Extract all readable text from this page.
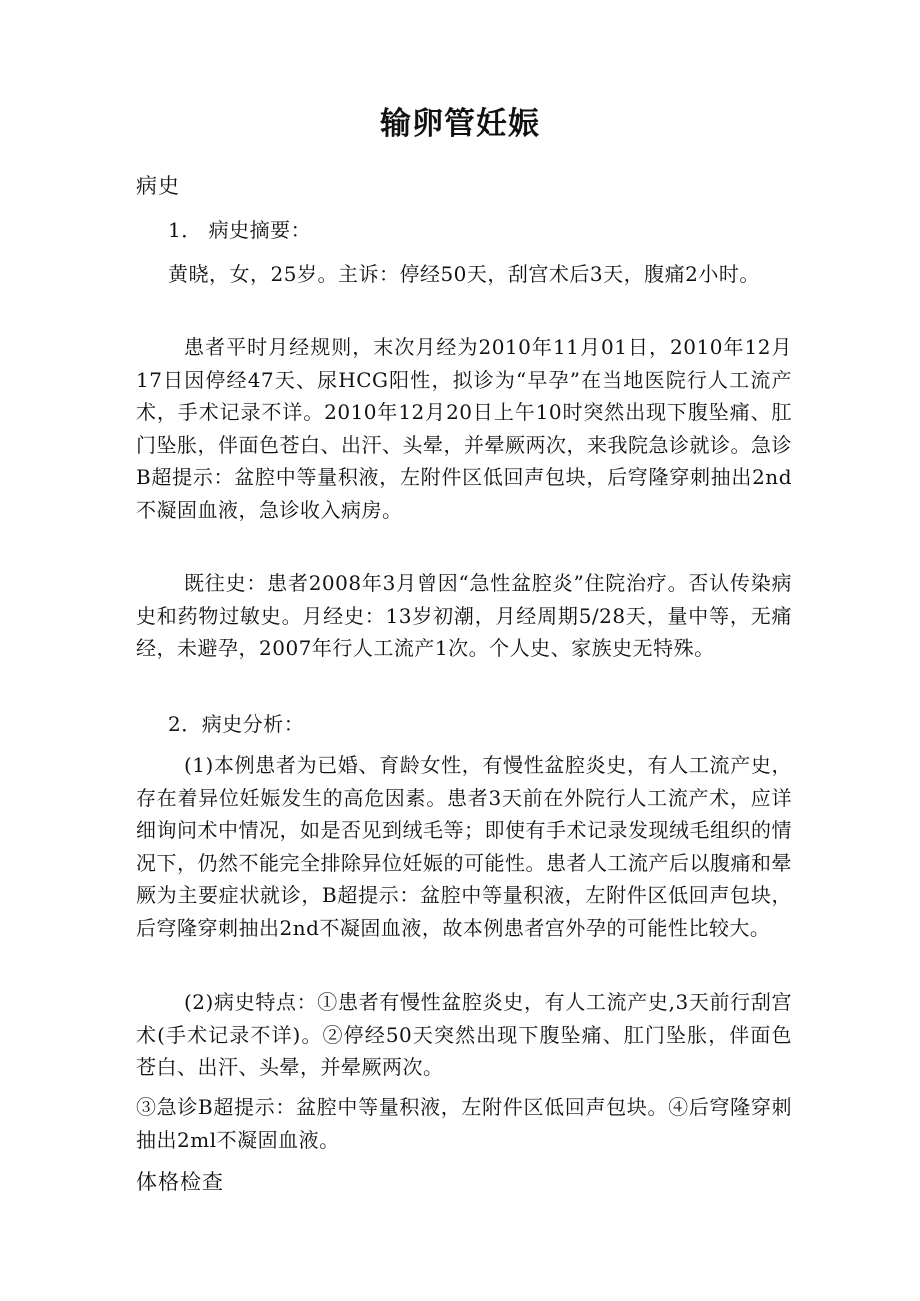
输卵管妊娠
病史
1． 病史摘要：
黄晓，女，25岁。主诉：停经50天，刮宫术后3天，腹痛2小时。
患者平时月经规则，末次月经为2010年11月01日，2010年12月17日因停经47天、尿HCG阳性，拟诊为“早孕”在当地医院行人工流产术，手术记录不详。2010年12月20日上午10时突然出现下腹坠痛、肛门坠胀，伴面色苍白、出汗、头晕，并晕厥两次，来我院急诊就诊。急诊B超提示：盆腔中等量积液，左附件区低回声包块，后穹隆穿刺抽出2nd不凝固血液，急诊收入病房。
既往史：患者2008年3月曾因“急性盆腔炎”住院治疗。否认传染病史和药物过敏史。月经史：13岁初潮，月经周期5/28天，量中等，无痛经，未避孕，2007年行人工流产1次。个人史、家族史无特殊。
2．病史分析：
(1)本例患者为已婚、育龄女性，有慢性盆腔炎史，有人工流产史，存在着异位妊娠发生的高危因素。患者3天前在外院行人工流产术，应详细询问术中情况，如是否见到绒毛等；即使有手术记录发现绒毛组织的情况下，仍然不能完全排除异位妊娠的可能性。患者人工流产后以腹痛和晕厥为主要症状就诊，B超提示：盆腔中等量积液，左附件区低回声包块，后穹隆穿刺抽出2nd不凝固血液，故本例患者宫外孕的可能性比较大。
(2)病史特点：①患者有慢性盆腔炎史，有人工流产史,3天前行刮宫术(手术记录不详)。②停经50天突然出现下腹坠痛、肛门坠胀，伴面色苍白、出汗、头晕，并晕厥两次。
③急诊B超提示：盆腔中等量积液，左附件区低回声包块。④后穹隆穿刺抽出2ml不凝固血液。
体格检查
